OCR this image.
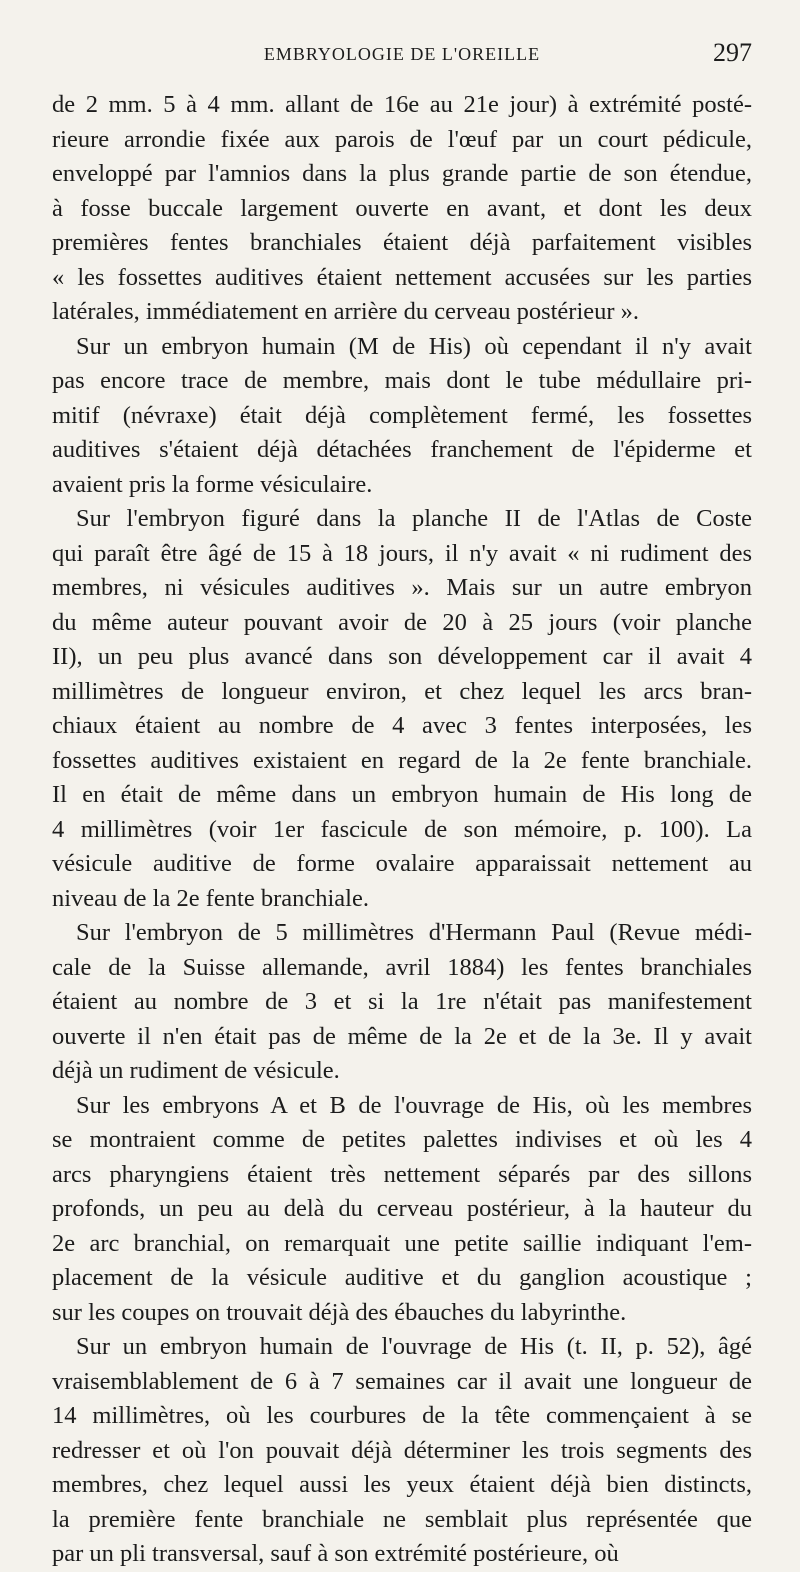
EMBRYOLOGIE DE L'OREILLE	297
de 2 mm. 5 à 4 mm. allant de 16e au 21e jour) à extrémité posté-
rieure arrondie fixée aux parois de l'œuf par un court pédicule,
enveloppé par l'amnios dans la plus grande partie de son étendue,
à fosse buccale largement ouverte en avant, et dont les deux
premières fentes branchiales étaient déjà parfaitement visibles
« les fossettes auditives étaient nettement accusées sur les parties
latérales, immédiatement en arrière du cerveau postérieur ».
Sur un embryon humain (M de His) où cependant il n'y avait
pas encore trace de membre, mais dont le tube médullaire pri-
mitif (névraxe) était déjà complètement fermé, les fossettes
auditives s'étaient déjà détachées franchement de l'épiderme et
avaient pris la forme vésiculaire.
Sur l'embryon figuré dans la planche II de l'Atlas de Coste
qui paraît être âgé de 15 à 18 jours, il n'y avait « ni rudiment des
membres, ni vésicules auditives ». Mais sur un autre embryon
du même auteur pouvant avoir de 20 à 25 jours (voir planche
II), un peu plus avancé dans son développement car il avait 4
millimètres de longueur environ, et chez lequel les arcs bran-
chiaux étaient au nombre de 4 avec 3 fentes interposées, les
fossettes auditives existaient en regard de la 2e fente branchiale.
Il en était de même dans un embryon humain de His long de
4 millimètres (voir 1er fascicule de son mémoire, p. 100). La
vésicule auditive de forme ovalaire apparaissait nettement au
niveau de la 2e fente branchiale.
Sur l'embryon de 5 millimètres d'Hermann Paul (Revue médi-
cale de la Suisse allemande, avril 1884) les fentes branchiales
étaient au nombre de 3 et si la 1re n'était pas manifestement
ouverte il n'en était pas de même de la 2e et de la 3e. Il y avait
déjà un rudiment de vésicule.
Sur les embryons A et B de l'ouvrage de His, où les membres
se montraient comme de petites palettes indivises et où les 4
arcs pharyngiens étaient très nettement séparés par des sillons
profonds, un peu au delà du cerveau postérieur, à la hauteur du
2e arc branchial, on remarquait une petite saillie indiquant l'em-
placement de la vésicule auditive et du ganglion acoustique ;
sur les coupes on trouvait déjà des ébauches du labyrinthe.
Sur un embryon humain de l'ouvrage de His (t. II, p. 52), âgé
vraisemblablement de 6 à 7 semaines car il avait une longueur de
14 millimètres, où les courbures de la tête commençaient à se
redresser et où l'on pouvait déjà déterminer les trois segments des
membres, chez lequel aussi les yeux étaient déjà bien distincts,
la première fente branchiale ne semblait plus représentée que
par un pli transversal, sauf à son extrémité postérieure, où
